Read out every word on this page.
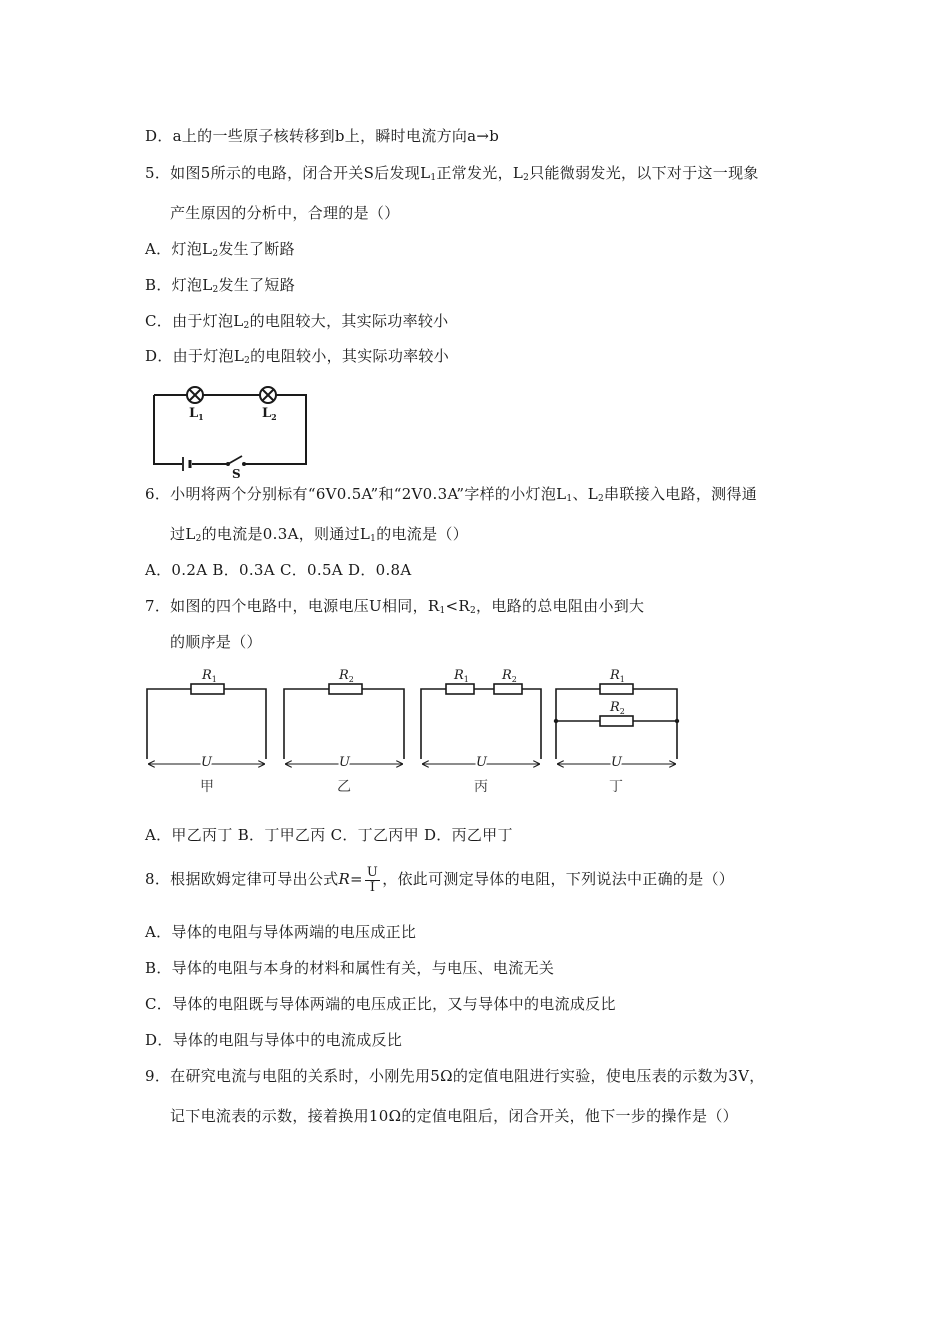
D．a上的一些原子核转移到b上，瞬时电流方向a→b
5．如图5所示的电路，闭合开关S后发现$L_1$正常发光，$L_2$只能微弱发光，以下对于这一现象
产生原因的分析中，合理的是（）
A．灯泡$L_2$发生了断路
B．灯泡$L_2$发生了短路
C．由于灯泡$L_2$的电阻较大，其实际功率较小
D．由于灯泡$L_2$的电阻较小，其实际功率较小
$L_1$	$L_2$
S
6．小明将两个分别标有“6V0.5A”和“2V0.3A”字样的小灯泡$L_1$、$L_2$串联接入电路，测得通
过$L_2$的电流是0.3A，则通过$L_1$的电流是（）
A．0.2A B．0.3A C．0.5A D．0.8A
7．如图的四个电路中，电源电压U相同，$R_1<R_2$，电路的总电阻由小到大
的顺序是（）
$R_1$	$R_2$	$R_1$	$R_2$	$R_1$
$R_2$
U	U	U	U
甲	乙	丙	丁
A．甲乙丙丁 B．丁甲乙丙 C．丁乙丙甲 D．丙乙甲丁
8．根据欧姆定律可导出公式$R= \frac{U}{I}$ ，依此可测定导体的电阻，下列说法中正确的是（）
A．导体的电阻与导体两端的电压成正比
B．导体的电阻与本身的材料和属性有关，与电压、电流无关
C．导体的电阻既与导体两端的电压成正比，又与导体中的电流成反比
D．导体的电阻与导体中的电流成反比
9．在研究电流与电阻的关系时，小刚先用5Ω的定值电阻进行实验，使电压表的示数为3V，
记下电流表的示数，接着换用10Ω的定值电阻后，闭合开关，他下一步的操作是（）
